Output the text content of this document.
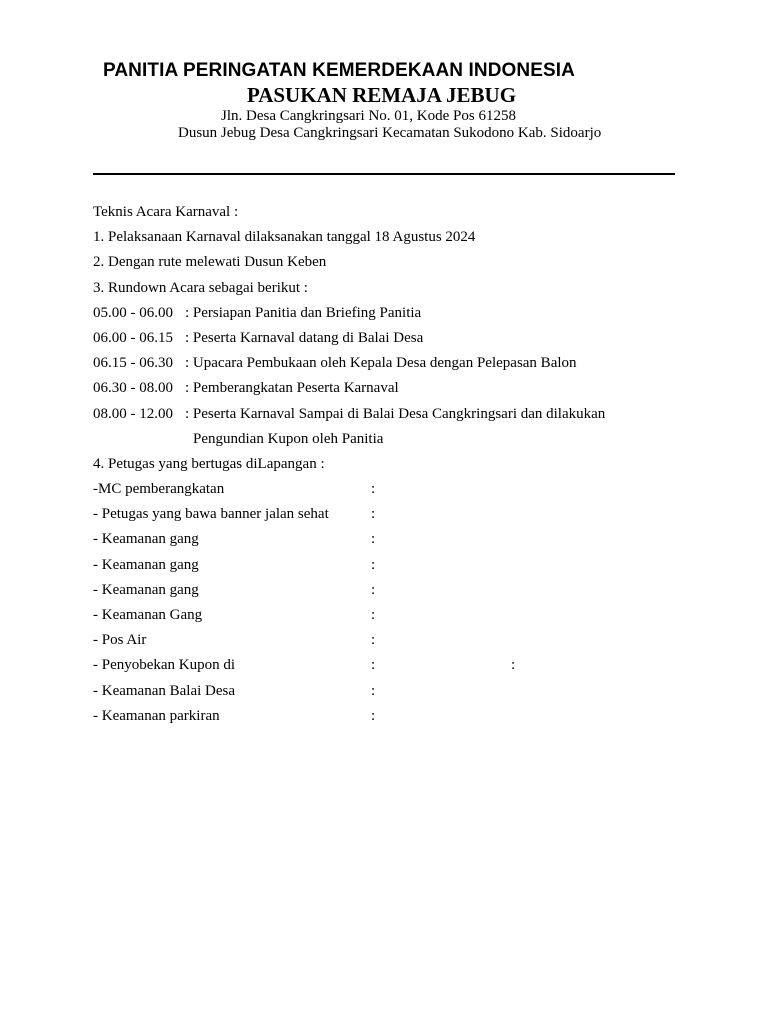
PANITIA PERINGATAN KEMERDEKAAN INDONESIA
PASUKAN REMAJA JEBUG
Jln. Desa Cangkringsari No. 01, Kode Pos 61258
Dusun Jebug Desa Cangkringsari Kecamatan Sukodono Kab. Sidoarjo
Teknis Acara Karnaval :
1. Pelaksanaan Karnaval dilaksanakan tanggal 18 Agustus 2024
2. Dengan rute melewati Dusun Keben
3. Rundown Acara sebagai berikut :
05.00 - 06.00 : Persiapan Panitia dan Briefing Panitia
06.00 - 06.15 : Peserta Karnaval datang di Balai Desa
06.15 - 06.30 : Upacara Pembukaan oleh Kepala Desa dengan Pelepasan Balon
06.30 - 08.00 : Pemberangkatan Peserta Karnaval
08.00 - 12.00 : Peserta Karnaval Sampai di Balai Desa Cangkringsari dan dilakukan
Pengundian Kupon oleh Panitia
4. Petugas yang bertugas diLapangan :
-MC pemberangkatan	:
- Petugas yang bawa banner jalan sehat	:
- Keamanan gang	:
- Keamanan gang	:
- Keamanan gang	:
- Keamanan Gang	:
- Pos Air	:
- Penyobekan Kupon di	:	:
- Keamanan Balai Desa	:
- Keamanan parkiran	:
